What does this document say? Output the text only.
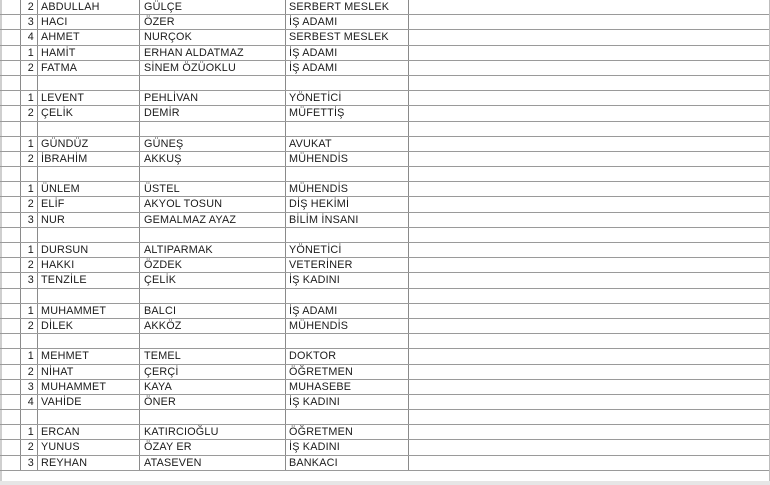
2 ABDULLAH	GÜLÇE	SERBERT MESLEK
3 HACI	ÖZER	İŞ ADAMI
4 AHMET	NURÇOK	SERBEST MESLEK
1 HAMİT	ERHAN ALDATMAZ	İŞ ADAMI
2 FATMA	SİNEM ÖZÜOKLU	İŞ ADAMI
1 LEVENT	PEHLİVAN	YÖNETİCİ
2 ÇELİK	DEMİR	MÜFETTİŞ
1 GÜNDÜZ	GÜNEŞ	AVUKAT
2 İBRAHİM	AKKUŞ	MÜHENDİS
1 ÜNLEM	ÜSTEL	MÜHENDİS
2 ELİF	AKYOL TOSUN	DİŞ HEKİMİ
3 NUR	GEMALMAZ AYAZ	BİLİM İNSANI
1 DURSUN	ALTIPARMAK	YÖNETİCİ
2 HAKKI	ÖZDEK	VETERİNER
3 TENZİLE	ÇELİK	İŞ KADINI
1 MUHAMMET	BALCI	İŞ ADAMI
2 DİLEK	AKKÖZ	MÜHENDİS
1 MEHMET	TEMEL	DOKTOR
2 NİHAT	ÇERÇİ	ÖĞRETMEN
3 MUHAMMET	KAYA	MUHASEBE
4 VAHİDE	ÖNER	İŞ KADINI
1 ERCAN	KATIRCIOĞLU	ÖĞRETMEN
2 YUNUS	ÖZAY ER	İŞ KADINI
3 REYHAN	ATASEVEN	BANKACI
